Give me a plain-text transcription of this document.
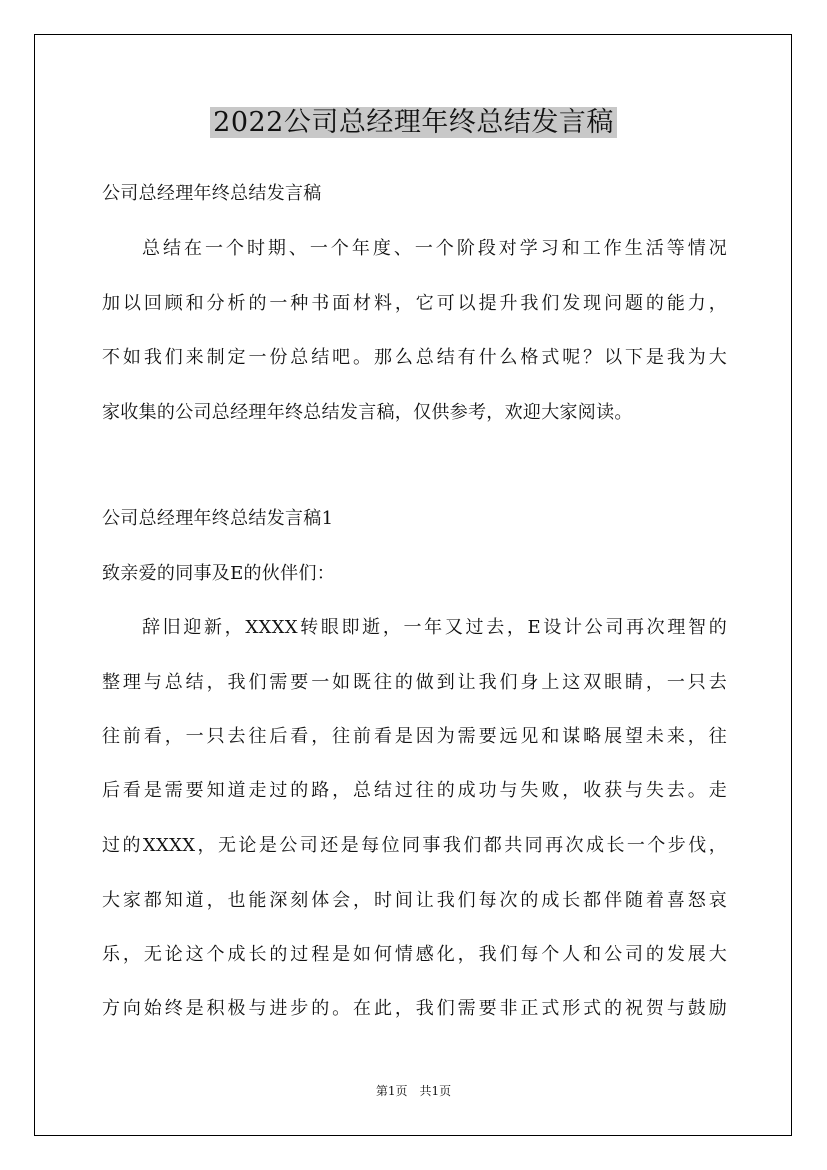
2022公司总经理年终总结发言稿

公司总经理年终总结发言稿

总结在一个时期、一个年度、一个阶段对学习和工作生活等情况

加以回顾和分析的一种书面材料，它可以提升我们发现问题的能力，

不如我们来制定一份总结吧。那么总结有什么格式呢？以下是我为大

家收集的公司总经理年终总结发言稿，仅供参考，欢迎大家阅读。

公司总经理年终总结发言稿1

致亲爱的同事及E的伙伴们：

辞旧迎新，XXXX转眼即逝，一年又过去，E设计公司再次理智的

整理与总结，我们需要一如既往的做到让我们身上这双眼睛，一只去

往前看，一只去往后看，往前看是因为需要远见和谋略展望未来，往

后看是需要知道走过的路，总结过往的成功与失败，收获与失去。走

过的XXXX，无论是公司还是每位同事我们都共同再次成长一个步伐，

大家都知道，也能深刻体会，时间让我们每次的成长都伴随着喜怒哀

乐，无论这个成长的过程是如何情感化，我们每个人和公司的发展大

方向始终是积极与进步的。在此，我们需要非正式形式的祝贺与鼓励

第1页　共1页
